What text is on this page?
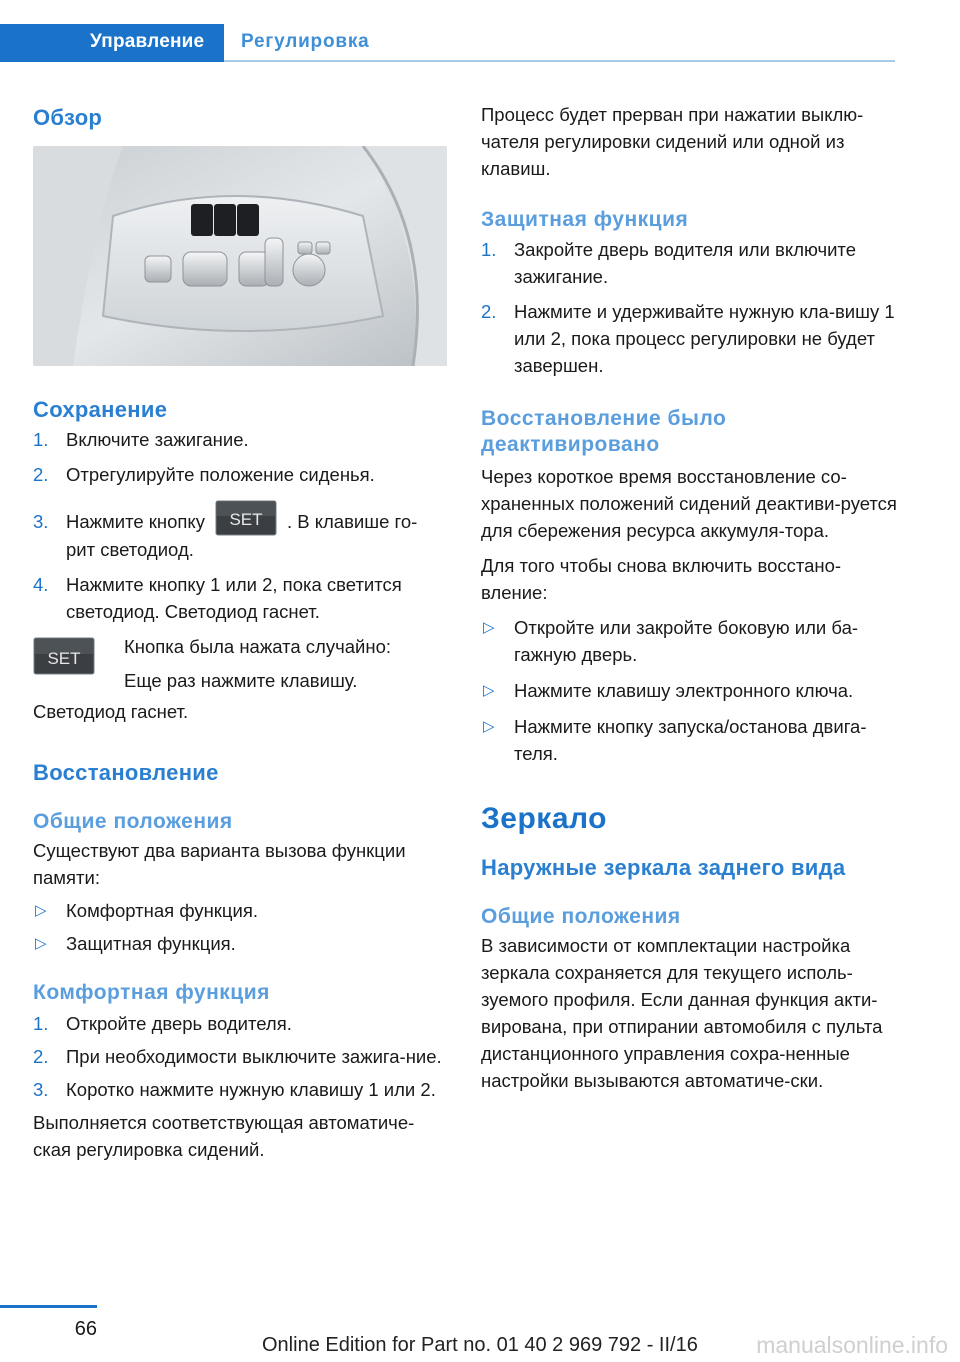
Управление	Регулировка
Обзор
Сохранение
1. Включите зажигание.
2. Отрегулируйте положение сиденья.
3. Нажмите кнопку SET . В клавише го-
рит светодиод.
4. Нажмите кнопку 1 или 2, пока светится светодиод. Светодиод гаснет.
SET
Кнопка была нажата случайно:
Еще раз нажмите клавишу.
Светодиод гаснет.
Восстановление
Общие положения
Существуют два варианта вызова функции памяти:
▷ Комфортная функция.
▷ Защитная функция.
Комфортная функция
1. Откройте дверь водителя.
2. При необходимости выключите зажига-ние.
3. Коротко нажмите нужную клавишу 1 или 2.
Выполняется соответствующая автоматиче-ская регулировка сидений.
Процесс будет прерван при нажатии выклю-чателя регулировки сидений или одной из клавиш.
Защитная функция
1. Закройте дверь водителя или включите зажигание.
2. Нажмите и удерживайте нужную кла-вишу 1 или 2, пока процесс регулировки не будет завершен.
Восстановление было
деактивировано
Через короткое время восстановление со-храненных положений сидений деактиви-руется для сбережения ресурса аккумуля-тора.
Для того чтобы снова включить восстано-вление:
▷ Откройте или закройте боковую или ба-гажную дверь.
▷ Нажмите клавишу электронного ключа.
▷ Нажмите кнопку запуска/останова двига-теля.
Зеркало
Наружные зеркала заднего вида
Общие положения
В зависимости от комплектации настройка зеркала сохраняется для текущего исполь-зуемого профиля. Если данная функция акти-вирована, при отпирании автомобиля с пульта дистанционного управления сохра-ненные настройки вызываются автоматиче-ски.
66
Online Edition for Part no. 01 40 2 969 792 - II/16	manualsonline.info
